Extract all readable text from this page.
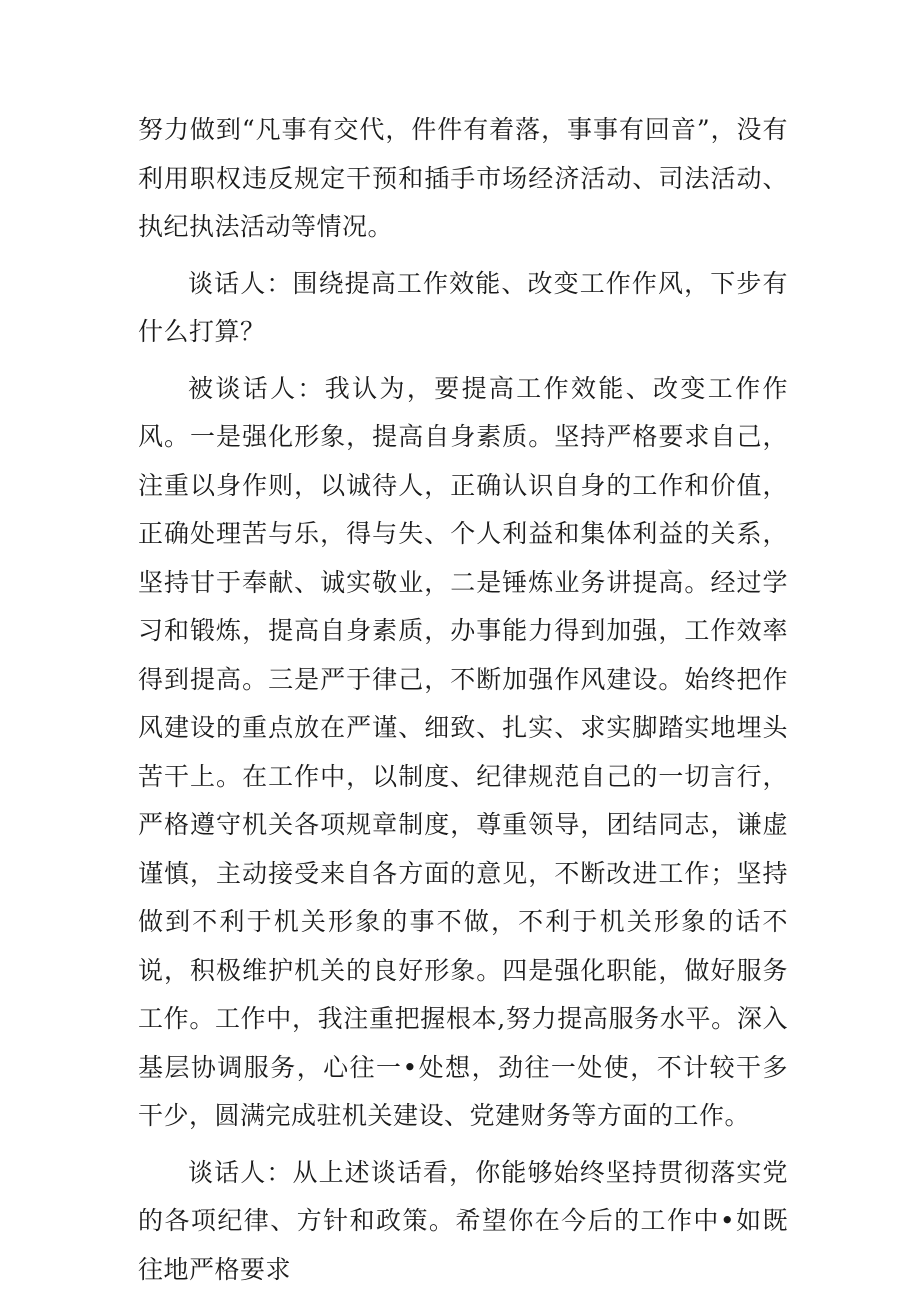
努力做到“凡事有交代，件件有着落，事事有回音”，没有利用职权违反规定干预和插手市场经济活动、司法活动、执纪执法活动等情况。

谈话人：围绕提高工作效能、改变工作作风，下步有什么打算？

被谈话人：我认为，要提高工作效能、改变工作作风。一是强化形象，提高自身素质。坚持严格要求自己，注重以身作则，以诚待人，正确认识自身的工作和价值，正确处理苦与乐，得与失、个人利益和集体利益的关系，坚持甘于奉献、诚实敬业，二是锤炼业务讲提高。经过学习和锻炼，提高自身素质，办事能力得到加强，工作效率得到提高。三是严于律己，不断加强作风建设。始终把作风建设的重点放在严谨、细致、扎实、求实脚踏实地埋头苦干上。在工作中，以制度、纪律规范自己的一切言行，严格遵守机关各项规章制度，尊重领导，团结同志，谦虚谨慎，主动接受来自各方面的意见，不断改进工作；坚持做到不利于机关形象的事不做，不利于机关形象的话不说，积极维护机关的良好形象。四是强化职能，做好服务工作。工作中，我注重把握根本,努力提高服务水平。深入基层协调服务，心往一•处想，劲往一处使，不计较干多干少，圆满完成驻机关建设、党建财务等方面的工作。

谈话人：从上述谈话看，你能够始终坚持贯彻落实党的各项纪律、方针和政策。希望你在今后的工作中•如既往地严格要求
